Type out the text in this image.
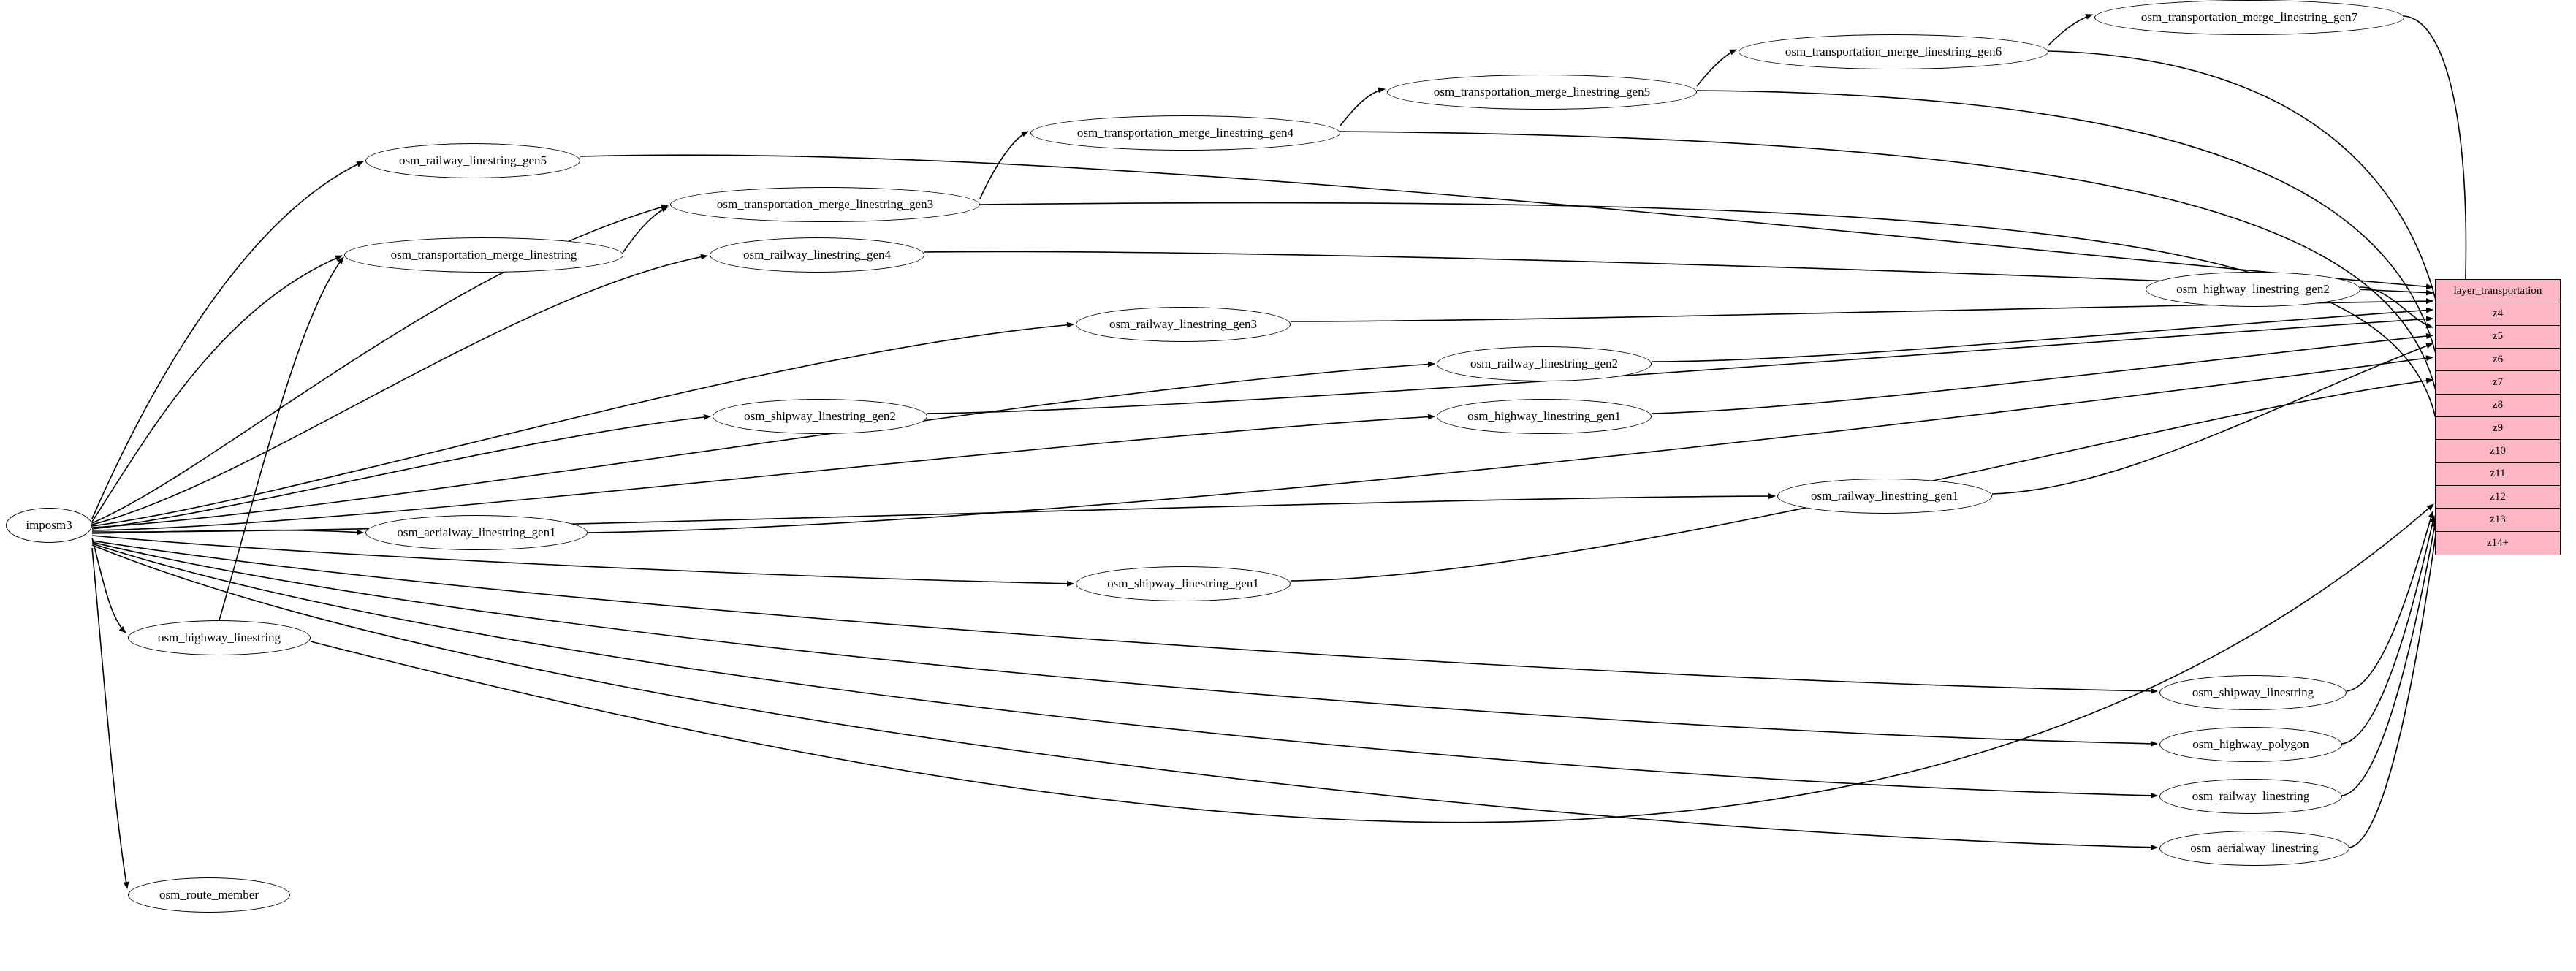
imposm3
osm_railway_linestring_gen5
osm_transportation_merge_linestring
osm_transportation_merge_linestring_gen3
osm_railway_linestring_gen4
osm_transportation_merge_linestring_gen4
osm_transportation_merge_linestring_gen5
osm_transportation_merge_linestring_gen6
osm_transportation_merge_linestring_gen7
osm_highway_linestring_gen2
osm_railway_linestring_gen3
osm_railway_linestring_gen2
osm_shipway_linestring_gen2	osm_highway_linestring_gen1
osm_railway_linestring_gen1
osm_aerialway_linestring_gen1
osm_shipway_linestring_gen1
osm_highway_linestring
osm_shipway_linestring
osm_highway_polygon
osm_railway_linestring
osm_aerialway_linestring
osm_route_member
layer_transportation
z4
z5
z6
z7
z8
z9
z10
z11
z12
z13
z14+
